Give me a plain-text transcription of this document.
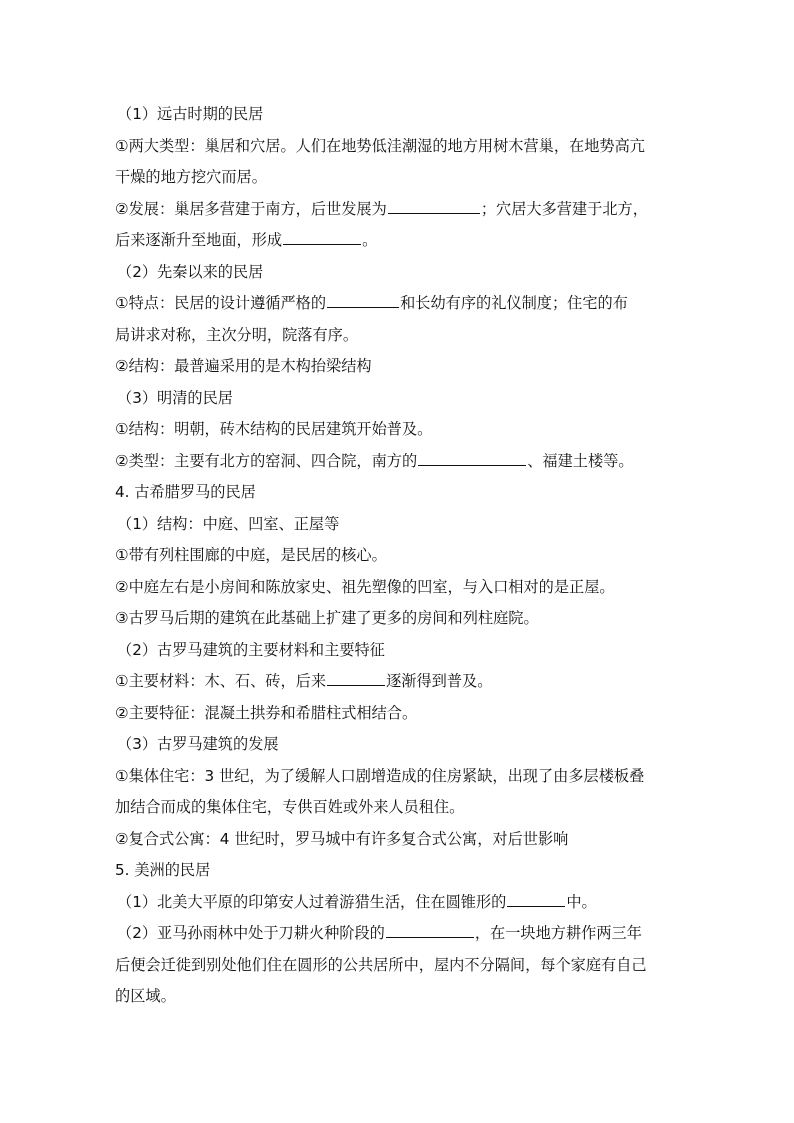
（1）远古时期的民居
①两大类型：巢居和穴居。人们在地势低洼潮湿的地方用树木营巢，在地势高亢
干燥的地方挖穴而居。
②发展：巢居多营建于南方，后世发展为	；穴居大多营建于北方，
后来逐渐升至地面，形成	。
（2）先秦以来的民居
①特点：民居的设计遵循严格的	和长幼有序的礼仪制度；住宅的布
局讲求对称，主次分明，院落有序。
②结构：最普遍采用的是木构抬梁结构
（3）明清的民居
①结构：明朝，砖木结构的民居建筑开始普及。
②类型：主要有北方的窑洞、四合院，南方的	、福建土楼等。
4. 古希腊罗马的民居
（1）结构：中庭、凹室、正屋等
①带有列柱围廊的中庭，是民居的核心。
②中庭左右是小房间和陈放家史、祖先塑像的凹室，与入口相对的是正屋。
③古罗马后期的建筑在此基础上扩建了更多的房间和列柱庭院。
（2）古罗马建筑的主要材料和主要特征
①主要材料：木、石、砖，后来	逐渐得到普及。
②主要特征：混凝土拱券和希腊柱式相结合。
（3）古罗马建筑的发展
①集体住宅：3 世纪，为了缓解人口剧增造成的住房紧缺，出现了由多层楼板叠
加结合而成的集体住宅，专供百姓或外来人员租住。
②复合式公寓：4 世纪时，罗马城中有许多复合式公寓，对后世影响
5. 美洲的民居
（1）北美大平原的印第安人过着游猎生活，住在圆锥形的	中。
（2）亚马孙雨林中处于刀耕火种阶段的	，在一块地方耕作两三年
后便会迁徙到别处他们住在圆形的公共居所中，屋内不分隔间，每个家庭有自己
的区域。
